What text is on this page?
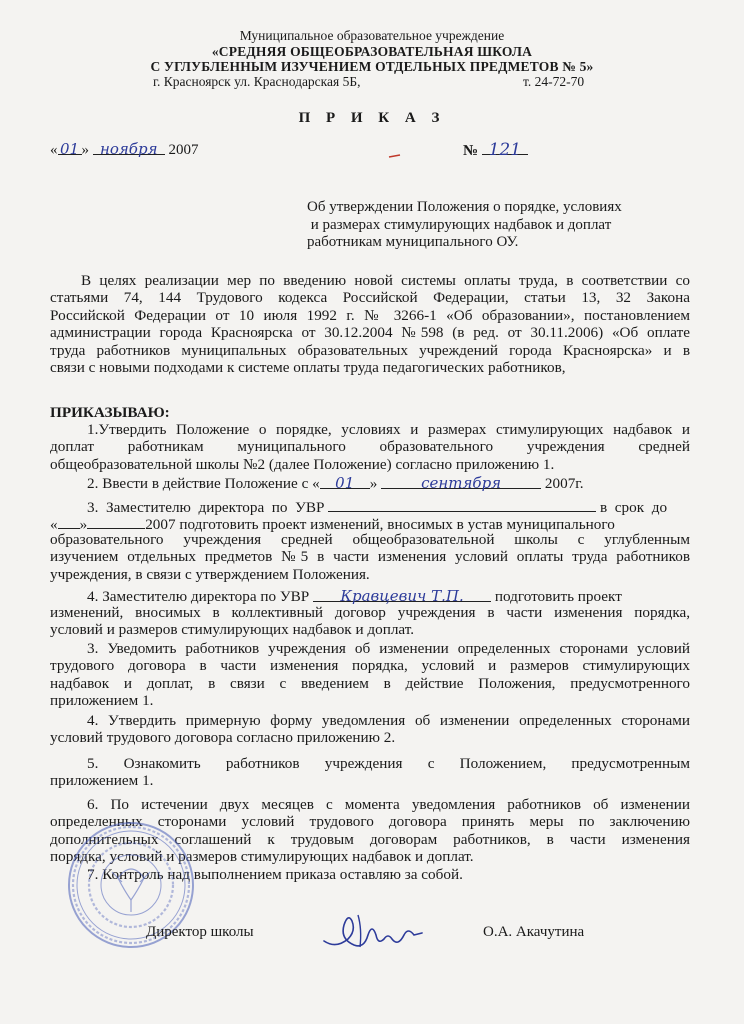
Муниципальное образовательное учреждение
«СРЕДНЯЯ ОБЩЕОБРАЗОВАТЕЛЬНАЯ ШКОЛА
С УГЛУБЛЕННЫМ ИЗУЧЕНИЕМ ОТДЕЛЬНЫХ ПРЕДМЕТОВ № 5»
г. Красноярск ул. Краснодарская 5Б,	т. 24-72-70
П Р И К А З
« 01 » ноября 2007	№ 121
Об утверждении Положения о порядке, условиях
и размерах стимулирующих надбавок и доплат
работникам муниципального ОУ.
В целях реализации мер по введению новой системы оплаты труда, в соответствии со
статьями 74, 144 Трудового кодекса Российской Федерации, статьи 13, 32 Закона
Российской Федерации от 10 июля 1992 г. № 3266-1 «Об образовании», постановлением
администрации города Красноярска от 30.12.2004 №598 (в ред. от 30.11.2006) «Об оплате
труда работников муниципальных образовательных учреждений города Красноярска» и в
связи с новыми подходами к системе оплаты труда педагогических работников,
ПРИКАЗЫВАЮ:
1.Утвердить Положение о порядке, условиях и размерах стимулирующих надбавок и
доплат работникам муниципального образовательного учреждения средней
общеобразовательной школы №2 (далее Положение) согласно приложению 1.
2. Ввести в действие Положение с « 01 »	сентября	2007г.
3.  Заместителю  директора  по  УВР	в  срок  до
« »	2007 подготовить проект изменений, вносимых в устав муниципального
образовательного учреждения средней общеобразовательной школы с углубленным
изучением отдельных предметов №5 в части изменения условий оплаты труда работников
учреждения, в связи с утверждением Положения.
4. Заместителю директора по УВР Кравцевич Т.П. подготовить проект
изменений, вносимых в коллективный договор учреждения в части изменения порядка,
условий и размеров стимулирующих надбавок и доплат.
3. Уведомить работников учреждения об изменении определенных сторонами условий
трудового договора в части изменения порядка, условий и размеров стимулирующих
надбавок и доплат, в связи с введением в действие Положения, предусмотренного
приложением 1.
4. Утвердить примерную форму уведомления об изменении определенных сторонами
условий трудового договора согласно приложению 2.
5. Ознакомить работников учреждения с Положением, предусмотренным
приложением 1.
6. По истечении двух месяцев с момента уведомления работников об изменении
определенных сторонами условий трудового договора принять меры по заключению
дополнительных соглашений к трудовым договорам работников, в части изменения
порядка, условий и размеров стимулирующих надбавок и доплат.
7. Контроль над выполнением приказа оставляю за собой.
Директор школы	О.А. Акачутина
